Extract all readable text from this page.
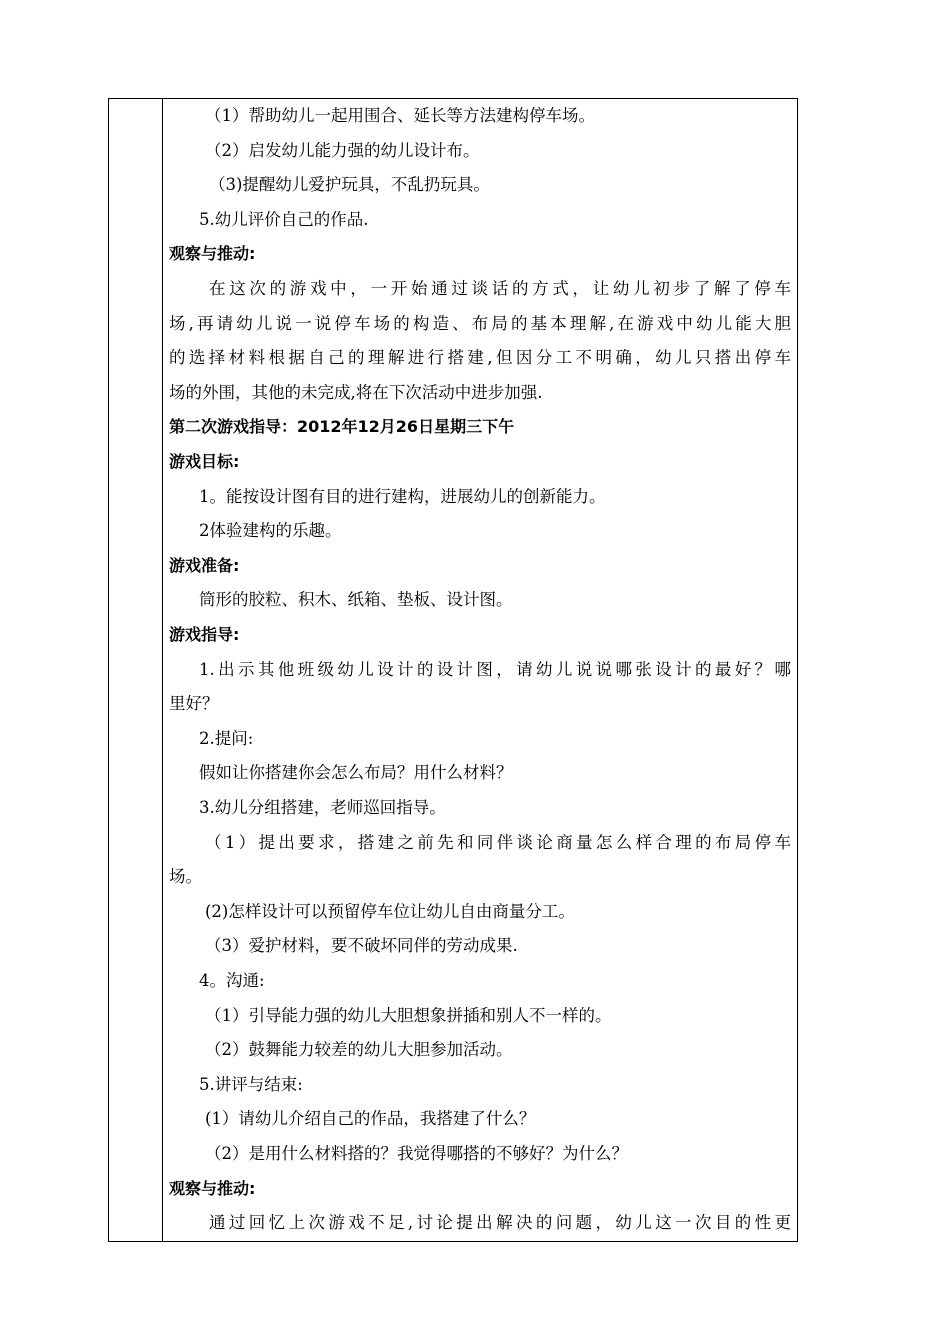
（1）帮助幼儿一起用围合、延长等方法建构停车场。
（2）启发幼儿能力强的幼儿设计布。
（3)提醒幼儿爱护玩具，不乱扔玩具。
5.幼儿评价自己的作品.
观察与推动:
在这次的游戏中，一开始通过谈话的方式，让幼儿初步了解了停车
场,再请幼儿说一说停车场的构造、布局的基本理解,在游戏中幼儿能大胆
的选择材料根据自己的理解进行搭建,但因分工不明确，幼儿只搭出停车
场的外围，其他的未完成,将在下次活动中进步加强.
第二次游戏指导：2012年12月26日星期三下午
游戏目标:
1。能按设计图有目的进行建构，进展幼儿的创新能力。
2体验建构的乐趣。
游戏准备:
筒形的胶粒、积木、纸箱、垫板、设计图。
游戏指导:
1.出示其他班级幼儿设计的设计图，请幼儿说说哪张设计的最好？哪
里好？
2.提问:
假如让你搭建你会怎么布局？用什么材料？
3.幼儿分组搭建，老师巡回指导。
（1）提出要求，搭建之前先和同伴谈论商量怎么样合理的布局停车
场。
(2)怎样设计可以预留停车位让幼儿自由商量分工。
（3）爱护材料，要不破坏同伴的劳动成果.
4。沟通:
（1）引导能力强的幼儿大胆想象拼插和别人不一样的。
（2）鼓舞能力较差的幼儿大胆参加活动。
5.讲评与结束:
(1）请幼儿介绍自己的作品，我搭建了什么？
（2）是用什么材料搭的？我觉得哪搭的不够好？为什么？
观察与推动:
通过回忆上次游戏不足,讨论提出解决的问题，幼儿这一次目的性更
